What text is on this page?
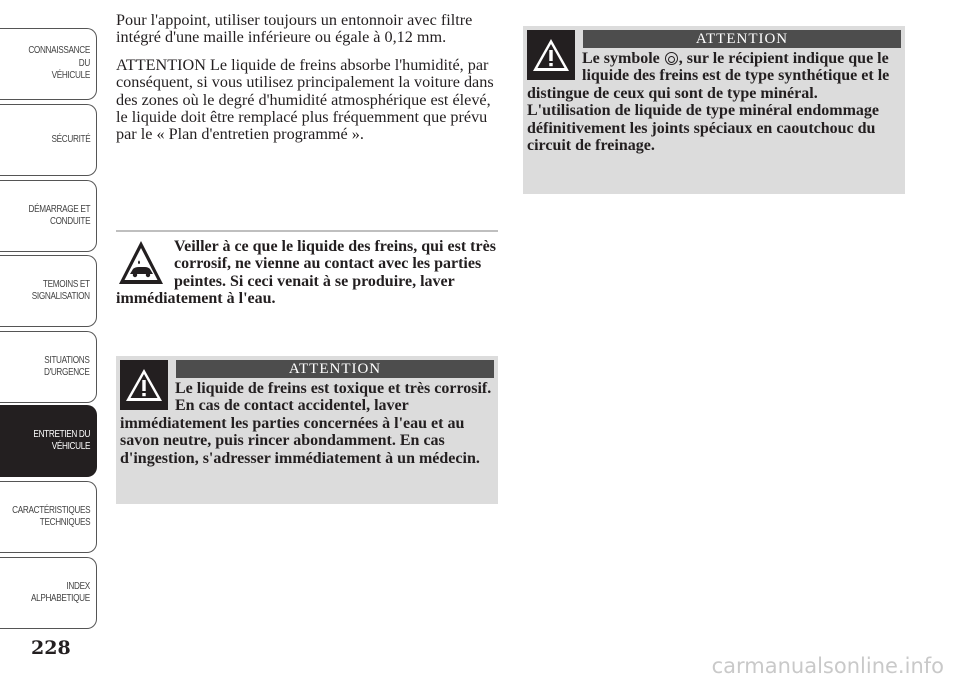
CONNAISSANCE DU
VÉHICULE
SÉCURITÉ
DÉMARRAGE ET
CONDUITE
TEMOINS ET
SIGNALISATION
SITUATIONS
D'URGENCE
ENTRETIEN DU
VÉHICULE
CARACTÉRISTIQUES
TECHNIQUES
INDEX
ALPHABETIQUE
228

Pour l'appoint, utiliser toujours un entonnoir avec filtre intégré d'une maille inférieure ou égale à 0,12 mm.

ATTENTION Le liquide de freins absorbe l'humidité, par conséquent, si vous utilisez principalement la voiture dans des zones où le degré d'humidité atmosphérique est élevé, le liquide doit être remplacé plus fréquemment que prévu par le « Plan d'entretien programmé ».

Veiller à ce que le liquide des freins, qui est très corrosif, ne vienne au contact avec les parties peintes. Si ceci venait à se produire, laver immédiatement à l'eau.

ATTENTION

Le liquide de freins est toxique et très corrosif. En cas de contact accidentel, laver immédiatement les parties concernées à l'eau et au savon neutre, puis rincer abondamment. En cas d'ingestion, s'adresser immédiatement à un médecin.

ATTENTION

Le symbole , sur le récipient indique que le liquide des freins est de type synthétique et le distingue de ceux qui sont de type minéral. L'utilisation de liquide de type minéral endommage définitivement les joints spéciaux en caoutchouc du circuit de freinage.

carmanualsonline.info
